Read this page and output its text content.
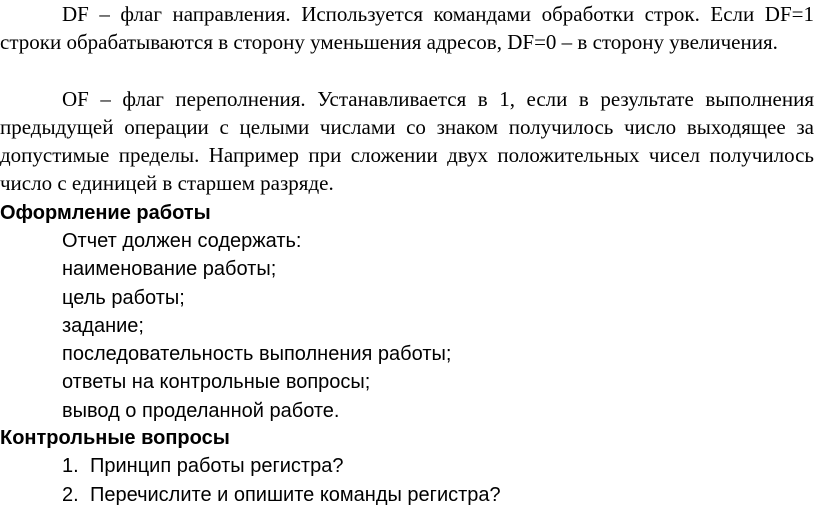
DF – флаг направления. Используется командами обработки строк. Если DF=1 строки обрабатываются в сторону уменьшения адресов, DF=0 – в сторону увеличения.

OF – флаг переполнения. Устанавливается в 1, если в результате выполнения предыдущей операции с целыми числами со знаком получилось число выходящее за допустимые пределы. Например при сложении двух положительных чисел получилось число с единицей в старшем разряде.

Оформление работы
Отчет должен содержать:
наименование работы;
цель работы;
задание;
последовательность выполнения работы;
ответы на контрольные вопросы;
вывод о проделанной работе.
Контрольные вопросы
1. Принцип работы регистра?
2. Перечислите и опишите команды регистра?
